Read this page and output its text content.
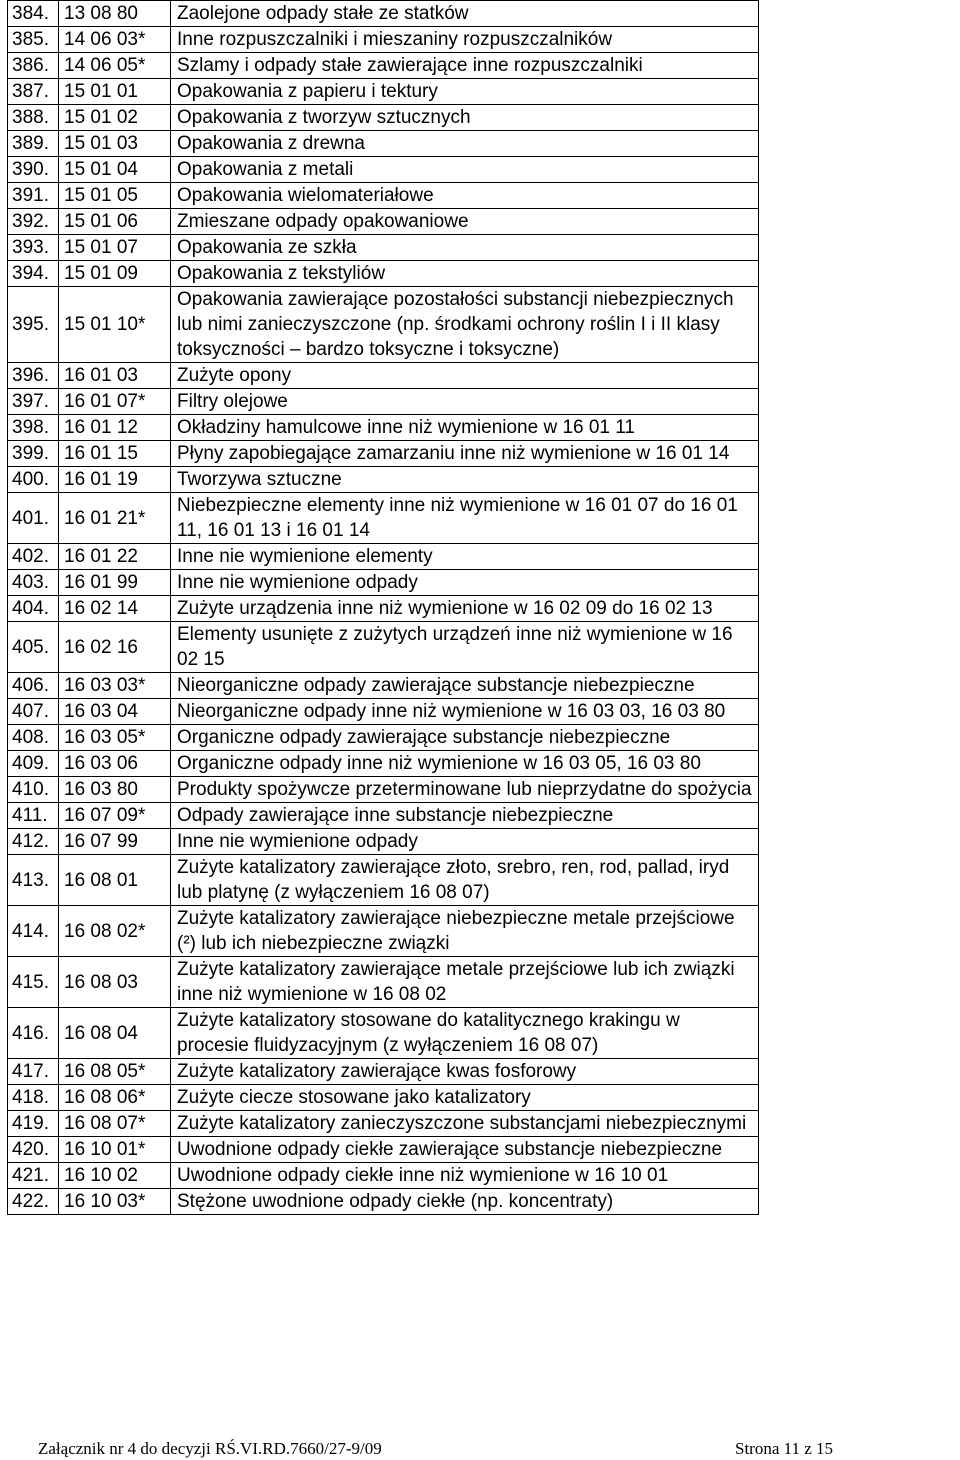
384.	13 08 80	Zaolejone odpady stałe ze statków
385.	14 06 03*	Inne rozpuszczalniki i mieszaniny rozpuszczalników
386.	14 06 05*	Szlamy i odpady stałe zawierające inne rozpuszczalniki
387.	15 01 01	Opakowania z papieru i tektury
388.	15 01 02	Opakowania z tworzyw sztucznych
389.	15 01 03	Opakowania z drewna
390.	15 01 04	Opakowania z metali
391.	15 01 05	Opakowania wielomateriałowe
392.	15 01 06	Zmieszane odpady opakowaniowe
393.	15 01 07	Opakowania ze szkła
394.	15 01 09	Opakowania z tekstyliów
395.	15 01 10*	Opakowania zawierające pozostałości substancji niebezpiecznych lub nimi zanieczyszczone (np. środkami ochrony roślin I i II klasy toksyczności – bardzo toksyczne i toksyczne)
396.	16 01 03	Zużyte opony
397.	16 01 07*	Filtry olejowe
398.	16 01 12	Okładziny hamulcowe inne niż wymienione w 16 01 11
399.	16 01 15	Płyny zapobiegające zamarzaniu inne niż wymienione w 16 01 14
400.	16 01 19	Tworzywa sztuczne
401.	16 01 21*	Niebezpieczne elementy inne niż wymienione w 16 01 07 do 16 01 11, 16 01 13 i 16 01 14
402.	16 01 22	Inne nie wymienione elementy
403.	16 01 99	Inne nie wymienione odpady
404.	16 02 14	Zużyte urządzenia inne niż wymienione w 16 02 09 do 16 02 13
405.	16 02 16	Elementy usunięte z zużytych urządzeń inne niż wymienione w 16 02 15
406.	16 03 03*	Nieorganiczne odpady zawierające substancje niebezpieczne
407.	16 03 04	Nieorganiczne odpady inne niż wymienione w 16 03 03, 16 03 80
408.	16 03 05*	Organiczne odpady zawierające substancje niebezpieczne
409.	16 03 06	Organiczne odpady inne niż wymienione w 16 03 05, 16 03 80
410.	16 03 80	Produkty spożywcze przeterminowane lub nieprzydatne do spożycia
411.	16 07 09*	Odpady zawierające inne substancje niebezpieczne
412.	16 07 99	Inne nie wymienione odpady
413.	16 08 01	Zużyte katalizatory zawierające złoto, srebro, ren, rod, pallad, iryd lub platynę (z wyłączeniem 16 08 07)
414.	16 08 02*	Zużyte katalizatory zawierające niebezpieczne metale przejściowe (²) lub ich niebezpieczne związki
415.	16 08 03	Zużyte katalizatory zawierające metale przejściowe lub ich związki inne niż wymienione w 16 08 02
416.	16 08 04	Zużyte katalizatory stosowane do katalitycznego krakingu w procesie fluidyzacyjnym (z wyłączeniem 16 08 07)
417.	16 08 05*	Zużyte katalizatory zawierające kwas fosforowy
418.	16 08 06*	Zużyte ciecze stosowane jako katalizatory
419.	16 08 07*	Zużyte katalizatory zanieczyszczone substancjami niebezpiecznymi
420.	16 10 01*	Uwodnione odpady ciekłe zawierające substancje niebezpieczne
421.	16 10 02	Uwodnione odpady ciekłe inne niż wymienione w 16 10 01
422.	16 10 03*	Stężone uwodnione odpady ciekłe (np. koncentraty)
Załącznik nr 4 do decyzji RŚ.VI.RD.7660/27-9/09	Strona 11 z 15
